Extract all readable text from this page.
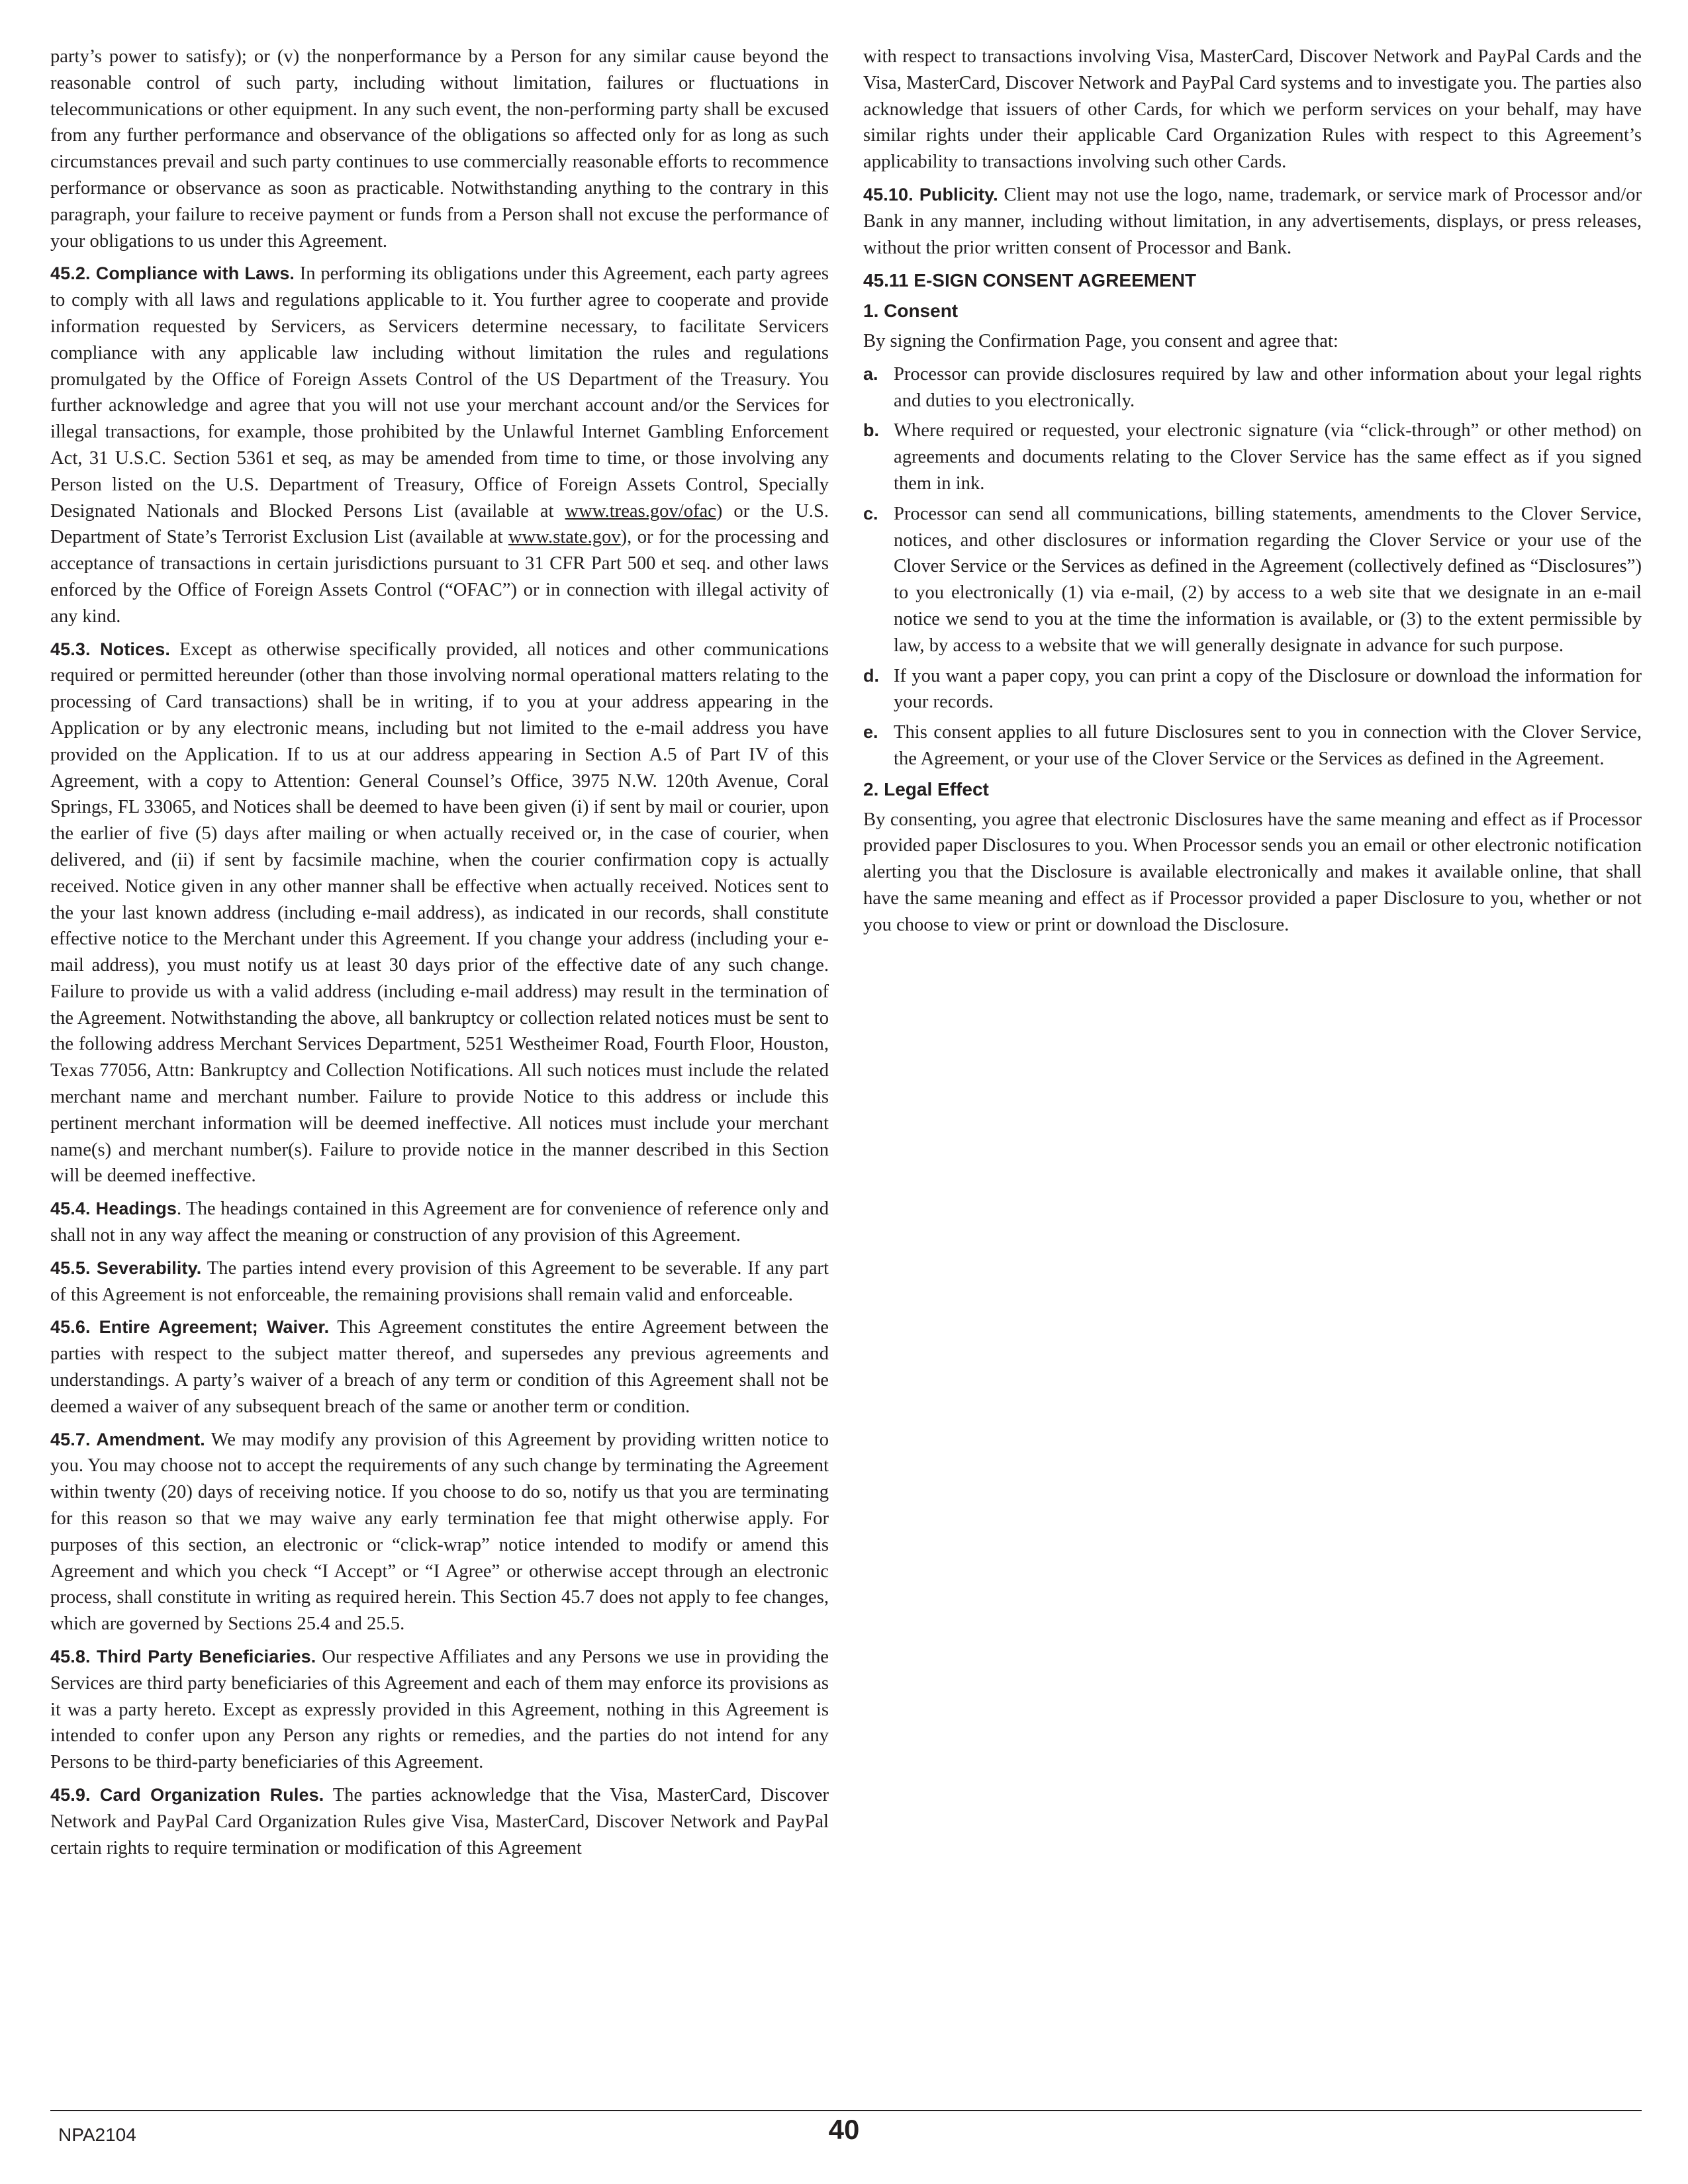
party’s power to satisfy); or (v) the nonperformance by a Person for any similar cause beyond the reasonable control of such party, including without limitation, failures or fluctuations in telecommunications or other equipment. In any such event, the non-performing party shall be excused from any further performance and observance of the obligations so affected only for as long as such circumstances prevail and such party continues to use commercially reasonable efforts to recommence performance or observance as soon as practicable. Notwithstanding anything to the contrary in this paragraph, your failure to receive payment or funds from a Person shall not excuse the performance of your obligations to us under this Agreement.

45.2. Compliance with Laws. In performing its obligations under this Agreement, each party agrees to comply with all laws and regulations applicable to it. You further agree to cooperate and provide information requested by Servicers, as Servicers determine necessary, to facilitate Servicers compliance with any applicable law including without limitation the rules and regulations promulgated by the Office of Foreign Assets Control of the US Department of the Treasury. You further acknowledge and agree that you will not use your merchant account and/or the Services for illegal transactions, for example, those prohibited by the Unlawful Internet Gambling Enforcement Act, 31 U.S.C. Section 5361 et seq, as may be amended from time to time, or those involving any Person listed on the U.S. Department of Treasury, Office of Foreign Assets Control, Specially Designated Nationals and Blocked Persons List (available at www.treas.gov/ofac) or the U.S. Department of State’s Terrorist Exclusion List (available at www.state.gov), or for the processing and acceptance of transactions in certain jurisdictions pursuant to 31 CFR Part 500 et seq. and other laws enforced by the Office of Foreign Assets Control (“OFAC”) or in connection with illegal activity of any kind.

45.3. Notices. Except as otherwise specifically provided, all notices and other communications required or permitted hereunder (other than those involving normal operational matters relating to the processing of Card transactions) shall be in writing, if to you at your address appearing in the Application or by any electronic means, including but not limited to the e-mail address you have provided on the Application. If to us at our address appearing in Section A.5 of Part IV of this Agreement, with a copy to Attention: General Counsel’s Office, 3975 N.W. 120th Avenue, Coral Springs, FL 33065, and Notices shall be deemed to have been given (i) if sent by mail or courier, upon the earlier of five (5) days after mailing or when actually received or, in the case of courier, when delivered, and (ii) if sent by facsimile machine, when the courier confirmation copy is actually received. Notice given in any other manner shall be effective when actually received. Notices sent to the your last known address (including e-mail address), as indicated in our records, shall constitute effective notice to the Merchant under this Agreement. If you change your address (including your e-mail address), you must notify us at least 30 days prior of the effective date of any such change. Failure to provide us with a valid address (including e-mail address) may result in the termination of the Agreement. Notwithstanding the above, all bankruptcy or collection related notices must be sent to the following address Merchant Services Department, 5251 Westheimer Road, Fourth Floor, Houston, Texas 77056, Attn: Bankruptcy and Collection Notifications. All such notices must include the related merchant name and merchant number. Failure to provide Notice to this address or include this pertinent merchant information will be deemed ineffective. All notices must include your merchant name(s) and merchant number(s). Failure to provide notice in the manner described in this Section will be deemed ineffective.

45.4. Headings. The headings contained in this Agreement are for convenience of reference only and shall not in any way affect the meaning or construction of any provision of this Agreement.

45.5. Severability. The parties intend every provision of this Agreement to be severable. If any part of this Agreement is not enforceable, the remaining provisions shall remain valid and enforceable.

45.6. Entire Agreement; Waiver. This Agreement constitutes the entire Agreement between the parties with respect to the subject matter thereof, and supersedes any previous agreements and understandings. A party’s waiver of a breach of any term or condition of this Agreement shall not be deemed a waiver of any subsequent breach of the same or another term or condition.

45.7. Amendment. We may modify any provision of this Agreement by providing written notice to you. You may choose not to accept the requirements of any such change by terminating the Agreement within twenty (20) days of receiving notice. If you choose to do so, notify us that you are terminating for this reason so that we may waive any early termination fee that might otherwise apply. For purposes of this section, an electronic or “click-wrap” notice intended to modify or amend this Agreement and which you check “I Accept” or “I Agree” or otherwise accept through an electronic process, shall constitute in writing as required herein. This Section 45.7 does not apply to fee changes, which are governed by Sections 25.4 and 25.5.

45.8. Third Party Beneficiaries. Our respective Affiliates and any Persons we use in providing the Services are third party beneficiaries of this Agreement and each of them may enforce its provisions as it was a party hereto. Except as expressly provided in this Agreement, nothing in this Agreement is intended to confer upon any Person any rights or remedies, and the parties do not intend for any Persons to be third-party beneficiaries of this Agreement.

45.9. Card Organization Rules. The parties acknowledge that the Visa, MasterCard, Discover Network and PayPal Card Organization Rules give Visa, MasterCard, Discover Network and PayPal certain rights to require termination or modification of this Agreement

with respect to transactions involving Visa, MasterCard, Discover Network and PayPal Cards and the Visa, MasterCard, Discover Network and PayPal Card systems and to investigate you. The parties also acknowledge that issuers of other Cards, for which we perform services on your behalf, may have similar rights under their applicable Card Organization Rules with respect to this Agreement’s applicability to transactions involving such other Cards.

45.10. Publicity. Client may not use the logo, name, trademark, or service mark of Processor and/or Bank in any manner, including without limitation, in any advertisements, displays, or press releases, without the prior written consent of Processor and Bank.

45.11 E-SIGN CONSENT AGREEMENT
1. Consent

By signing the Confirmation Page, you consent and agree that:

a. Processor can provide disclosures required by law and other information about your legal rights and duties to you electronically.
b. Where required or requested, your electronic signature (via “click-through” or other method) on agreements and documents relating to the Clover Service has the same effect as if you signed them in ink.
c. Processor can send all communications, billing statements, amendments to the Clover Service, notices, and other disclosures or information regarding the Clover Service or your use of the Clover Service or the Services as defined in the Agreement (collectively defined as “Disclosures”) to you electronically (1) via e-mail, (2) by access to a web site that we designate in an e-mail notice we send to you at the time the information is available, or (3) to the extent permissible by law, by access to a website that we will generally designate in advance for such purpose.
d. If you want a paper copy, you can print a copy of the Disclosure or download the information for your records.
e. This consent applies to all future Disclosures sent to you in connection with the Clover Service, the Agreement, or your use of the Clover Service or the Services as defined in the Agreement.
2. Legal Effect

By consenting, you agree that electronic Disclosures have the same meaning and effect as if Processor provided paper Disclosures to you. When Processor sends you an email or other electronic notification alerting you that the Disclosure is available electronically and makes it available online, that shall have the same meaning and effect as if Processor provided a paper Disclosure to you, whether or not you choose to view or print or download the Disclosure.

NPA2104	40
